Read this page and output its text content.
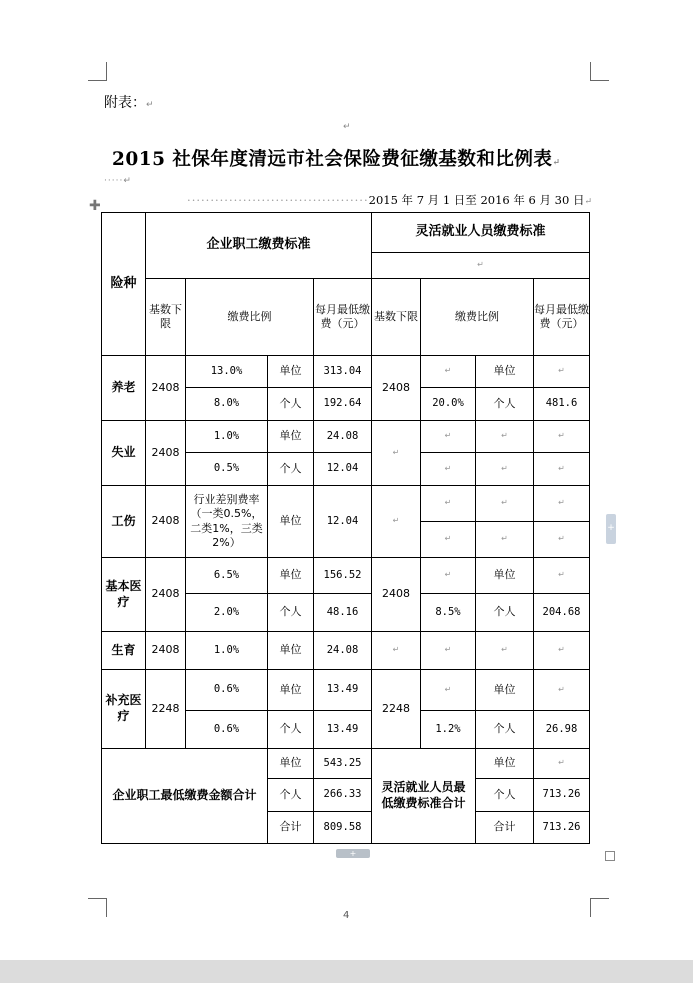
附表：↵
↵
2015 社保年度清远市社会保险费征缴基数和比例表↵
·····↵
·······································2015 年 7 月 1 日至 2016 年 6 月 30 日↵
✚
险种	企业职工缴费标准				灵活就业人员缴费标准			
					↵			
	基数下限	缴费比例		每月最低缴费（元）	基数下限	缴费比例		每月最低缴费（元）
养老	2408	13.0%	单位	313.04	2408	↵	单位	↵
		8.0%	个人	192.64		20.0%	个人	481.6
失业	2408	1.0%	单位	24.08	↵	↵	↵	↵
		0.5%	个人	12.04		↵	↵	↵
工伤	2408	行业差别费率（一类0.5%，二类1%，三类2%）	单位	12.04	↵	↵	↵	↵
						↵	↵	↵
基本医疗	2408	6.5%	单位	156.52	2408	↵	单位	↵
		2.0%	个人	48.16		8.5%	个人	204.68
生育	2408	1.0%	单位	24.08	↵	↵	↵	↵
补充医疗	2248	0.6%	单位	13.49	2248	↵	单位	↵
		0.6%	个人	13.49		1.2%	个人	26.98
企业职工最低缴费金额合计			单位	543.25	灵活就业人员最低缴费标准合计		单位	↵
			个人	266.33			个人	713.26
			合计	809.58			合计	713.26
+
+
4
